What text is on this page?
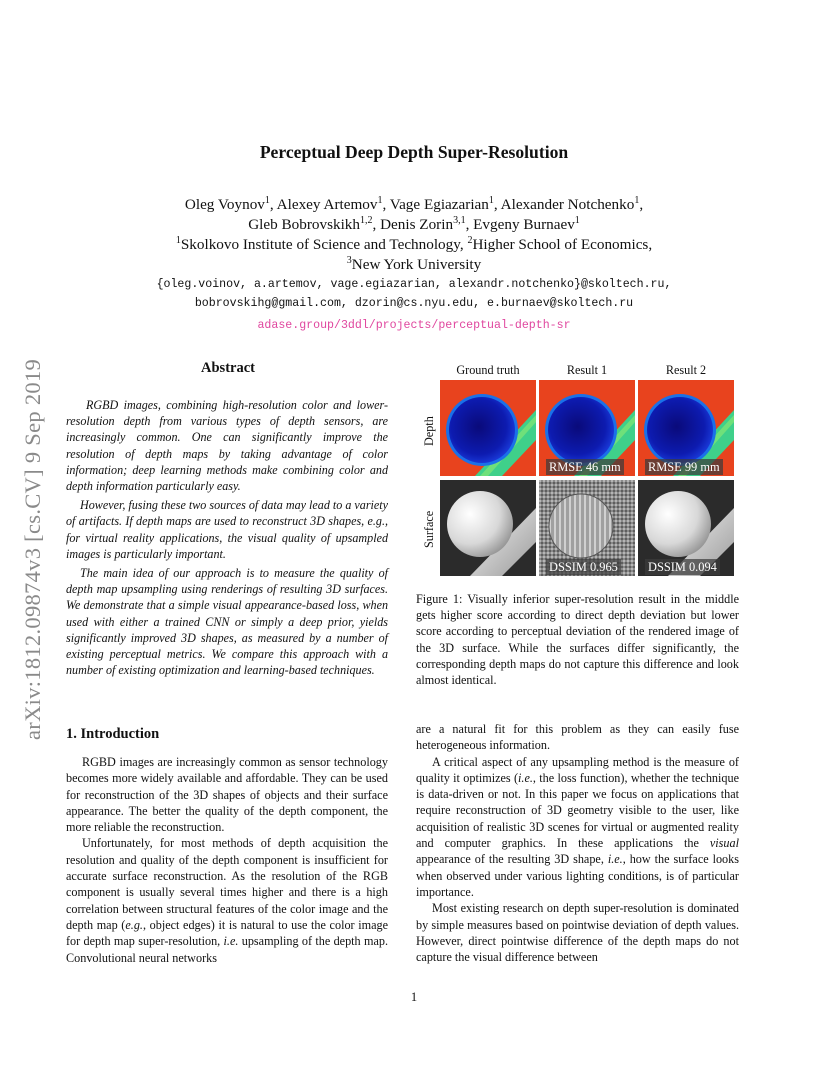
arXiv:1812.09874v3 [cs.CV] 9 Sep 2019
Perceptual Deep Depth Super-Resolution
Oleg Voynov$^1$, Alexey Artemov$^1$, Vage Egiazarian$^1$, Alexander Notchenko$^1$,
Gleb Bobrovskikh$^{1,2}$, Denis Zorin$^{3,1}$, Evgeny Burnaev$^1$
$^1$Skolkovo Institute of Science and Technology, $^2$Higher School of Economics,
$^3$New York University
{oleg.voinov, a.artemov, vage.egiazarian, alexandr.notchenko}@skoltech.ru,
bobrovskihg@gmail.com, dzorin@cs.nyu.edu, e.burnaev@skoltech.ru
adase.group/3ddl/projects/perceptual-depth-sr
Abstract

RGBD images, combining high-resolution color and lower-resolution depth from various types of depth sensors, are increasingly common. One can significantly improve the resolution of depth maps by taking advantage of color information; deep learning methods make combining color and depth information particularly easy.

However, fusing these two sources of data may lead to a variety of artifacts. If depth maps are used to reconstruct 3D shapes, e.g., for virtual reality applications, the visual quality of upsampled images is particularly important.

The main idea of our approach is to measure the quality of depth map upsampling using renderings of resulting 3D surfaces. We demonstrate that a simple visual appearance-based loss, when used with either a trained CNN or simply a deep prior, yields significantly improved 3D shapes, as measured by a number of existing perceptual metrics. We compare this approach with a number of existing optimization and learning-based techniques.

Ground truth	Result 1	Result 2
Depth
Surface
RMSE 46 mm RMSE 99 mm
DSSIM 0.965 DSSIM 0.094
Figure 1: Visually inferior super-resolution result in the middle gets higher score according to direct depth deviation but lower score according to perceptual deviation of the rendered image of the 3D surface. While the surfaces differ significantly, the corresponding depth maps do not capture this difference and look almost identical.
1. Introduction

RGBD images are increasingly common as sensor technology becomes more widely available and affordable. They can be used for reconstruction of the 3D shapes of objects and their surface appearance. The better the quality of the depth component, the more reliable the reconstruction.

Unfortunately, for most methods of depth acquisition the resolution and quality of the depth component is insufficient for accurate surface reconstruction. As the resolution of the RGB component is usually several times higher and there is a high correlation between structural features of the color image and the depth map (e.g., object edges) it is natural to use the color image for depth map super-resolution, i.e. upsampling of the depth map. Convolutional neural networks

are a natural fit for this problem as they can easily fuse heterogeneous information.

A critical aspect of any upsampling method is the measure of quality it optimizes (i.e., the loss function), whether the technique is data-driven or not. In this paper we focus on applications that require reconstruction of 3D geometry visible to the user, like acquisition of realistic 3D scenes for virtual or augmented reality and computer graphics. In these applications the visual appearance of the resulting 3D shape, i.e., how the surface looks when observed under various lighting conditions, is of particular importance.

Most existing research on depth super-resolution is dominated by simple measures based on pointwise deviation of depth values. However, direct pointwise difference of the depth maps do not capture the visual difference between

1
